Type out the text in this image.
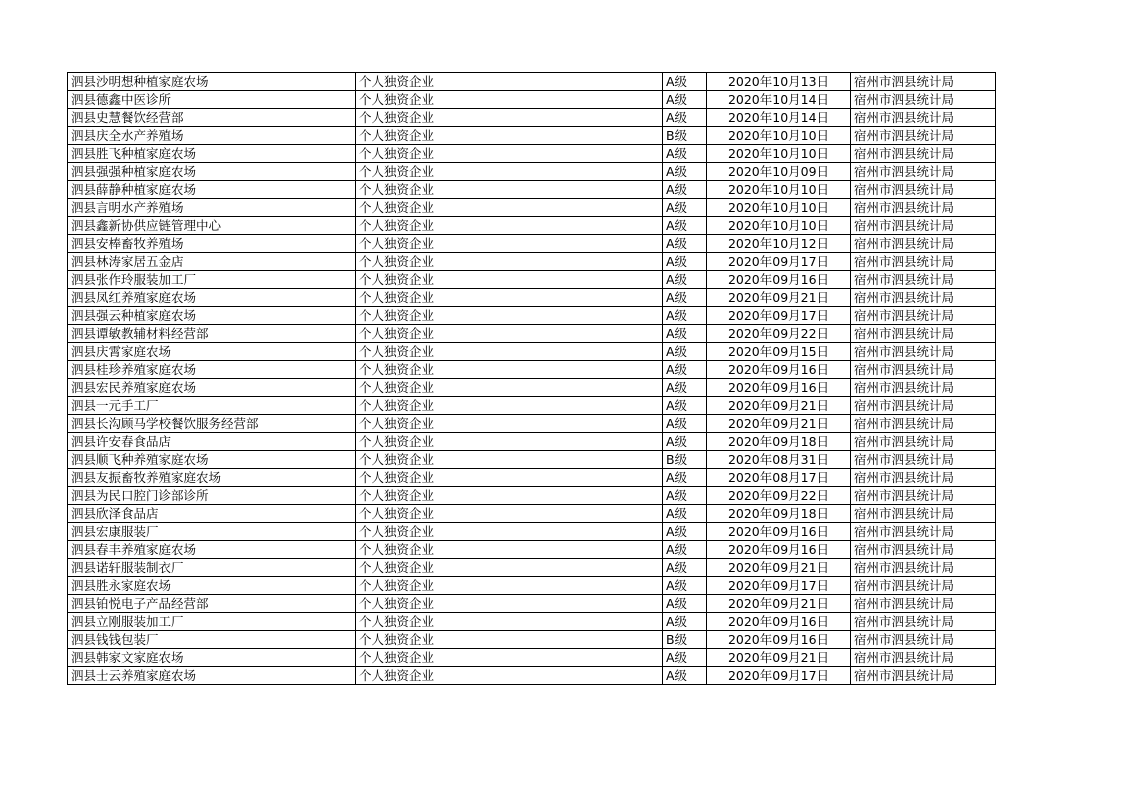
泗县沙明想种植家庭农场	个人独资企业	A级	2020年10月13日	宿州市泗县统计局
泗县德鑫中医诊所	个人独资企业	A级	2020年10月14日	宿州市泗县统计局
泗县史慧餐饮经营部	个人独资企业	A级	2020年10月14日	宿州市泗县统计局
泗县庆全水产养殖场	个人独资企业	B级	2020年10月10日	宿州市泗县统计局
泗县胜飞种植家庭农场	个人独资企业	A级	2020年10月10日	宿州市泗县统计局
泗县强强种植家庭农场	个人独资企业	A级	2020年10月09日	宿州市泗县统计局
泗县薛静种植家庭农场	个人独资企业	A级	2020年10月10日	宿州市泗县统计局
泗县言明水产养殖场	个人独资企业	A级	2020年10月10日	宿州市泗县统计局
泗县鑫新协供应链管理中心	个人独资企业	A级	2020年10月10日	宿州市泗县统计局
泗县安棒畜牧养殖场	个人独资企业	A级	2020年10月12日	宿州市泗县统计局
泗县林涛家居五金店	个人独资企业	A级	2020年09月17日	宿州市泗县统计局
泗县张作玲服装加工厂	个人独资企业	A级	2020年09月16日	宿州市泗县统计局
泗县凤红养殖家庭农场	个人独资企业	A级	2020年09月21日	宿州市泗县统计局
泗县强云种植家庭农场	个人独资企业	A级	2020年09月17日	宿州市泗县统计局
泗县谭敏教辅材料经营部	个人独资企业	A级	2020年09月22日	宿州市泗县统计局
泗县庆霄家庭农场	个人独资企业	A级	2020年09月15日	宿州市泗县统计局
泗县桂珍养殖家庭农场	个人独资企业	A级	2020年09月16日	宿州市泗县统计局
泗县宏民养殖家庭农场	个人独资企业	A级	2020年09月16日	宿州市泗县统计局
泗县一元手工厂	个人独资企业	A级	2020年09月21日	宿州市泗县统计局
泗县长沟顾马学校餐饮服务经营部	个人独资企业	A级	2020年09月21日	宿州市泗县统计局
泗县许安春食品店	个人独资企业	A级	2020年09月18日	宿州市泗县统计局
泗县顺飞种养殖家庭农场	个人独资企业	B级	2020年08月31日	宿州市泗县统计局
泗县友振畜牧养殖家庭农场	个人独资企业	A级	2020年08月17日	宿州市泗县统计局
泗县为民口腔门诊部诊所	个人独资企业	A级	2020年09月22日	宿州市泗县统计局
泗县欣泽食品店	个人独资企业	A级	2020年09月18日	宿州市泗县统计局
泗县宏康服装厂	个人独资企业	A级	2020年09月16日	宿州市泗县统计局
泗县春丰养殖家庭农场	个人独资企业	A级	2020年09月16日	宿州市泗县统计局
泗县诺轩服装制衣厂	个人独资企业	A级	2020年09月21日	宿州市泗县统计局
泗县胜永家庭农场	个人独资企业	A级	2020年09月17日	宿州市泗县统计局
泗县铂悦电子产品经营部	个人独资企业	A级	2020年09月21日	宿州市泗县统计局
泗县立刚服装加工厂	个人独资企业	A级	2020年09月16日	宿州市泗县统计局
泗县钱钱包装厂	个人独资企业	B级	2020年09月16日	宿州市泗县统计局
泗县韩家文家庭农场	个人独资企业	A级	2020年09月21日	宿州市泗县统计局
泗县士云养殖家庭农场	个人独资企业	A级	2020年09月17日	宿州市泗县统计局
